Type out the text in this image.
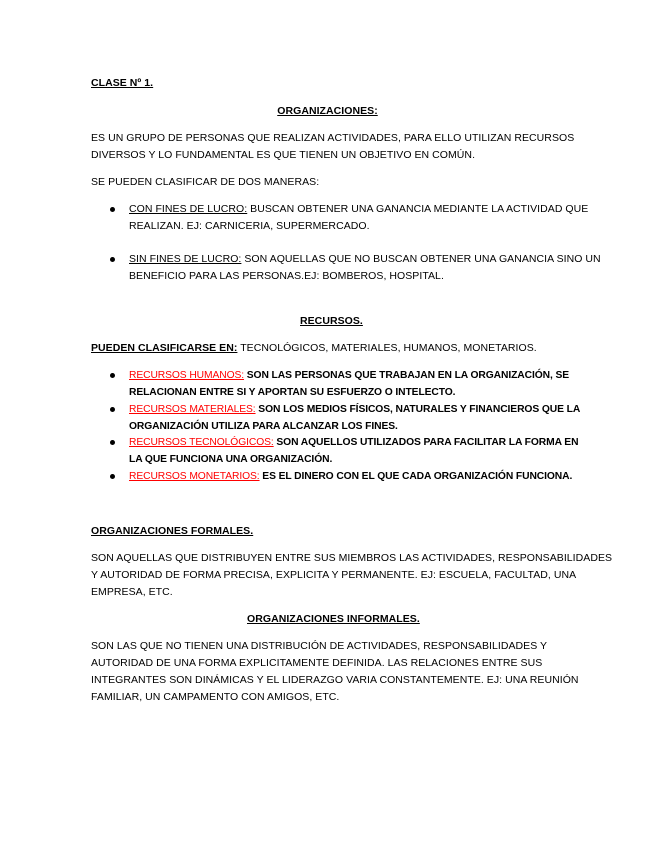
CLASE Nº 1.
ORGANIZACIONES:
ES UN GRUPO DE PERSONAS QUE REALIZAN ACTIVIDADES, PARA ELLO UTILIZAN RECURSOS
DIVERSOS Y LO FUNDAMENTAL ES QUE TIENEN UN OBJETIVO EN COMÚN.
SE PUEDEN CLASIFICAR DE DOS MANERAS:
CON FINES DE LUCRO: BUSCAN OBTENER UNA GANANCIA MEDIANTE LA ACTIVIDAD QUE
REALIZAN. EJ: CARNICERIA, SUPERMERCADO.
SIN FINES DE LUCRO: SON AQUELLAS QUE NO BUSCAN OBTENER UNA GANANCIA SINO UN
BENEFICIO PARA LAS PERSONAS.EJ: BOMBEROS, HOSPITAL.
RECURSOS.
PUEDEN CLASIFICARSE EN: TECNOLÓGICOS, MATERIALES, HUMANOS, MONETARIOS.
RECURSOS HUMANOS: SON LAS PERSONAS QUE TRABAJAN EN LA ORGANIZACIÓN, SE
RELACIONAN ENTRE SI Y APORTAN SU ESFUERZO O INTELECTO.
RECURSOS MATERIALES: SON LOS MEDIOS FÍSICOS, NATURALES Y FINANCIEROS QUE LA
ORGANIZACIÓN UTILIZA PARA ALCANZAR LOS FINES.
RECURSOS TECNOLÓGICOS: SON AQUELLOS UTILIZADOS PARA FACILITAR LA FORMA EN
LA QUE FUNCIONA UNA ORGANIZACIÓN.
RECURSOS MONETARIOS: ES EL DINERO CON EL QUE CADA ORGANIZACIÓN FUNCIONA.
ORGANIZACIONES FORMALES.
SON AQUELLAS QUE DISTRIBUYEN ENTRE SUS MIEMBROS LAS ACTIVIDADES, RESPONSABILIDADES
Y AUTORIDAD DE FORMA PRECISA, EXPLICITA Y PERMANENTE. EJ: ESCUELA, FACULTAD, UNA
EMPRESA, ETC.
ORGANIZACIONES INFORMALES.
SON LAS QUE NO TIENEN UNA DISTRIBUCIÓN DE ACTIVIDADES, RESPONSABILIDADES Y
AUTORIDAD DE UNA FORMA EXPLICITAMENTE DEFINIDA. LAS RELACIONES ENTRE SUS
INTEGRANTES SON DINÁMICAS Y EL LIDERAZGO VARIA CONSTANTEMENTE. EJ: UNA REUNIÓN
FAMILIAR, UN CAMPAMENTO CON AMIGOS, ETC.
